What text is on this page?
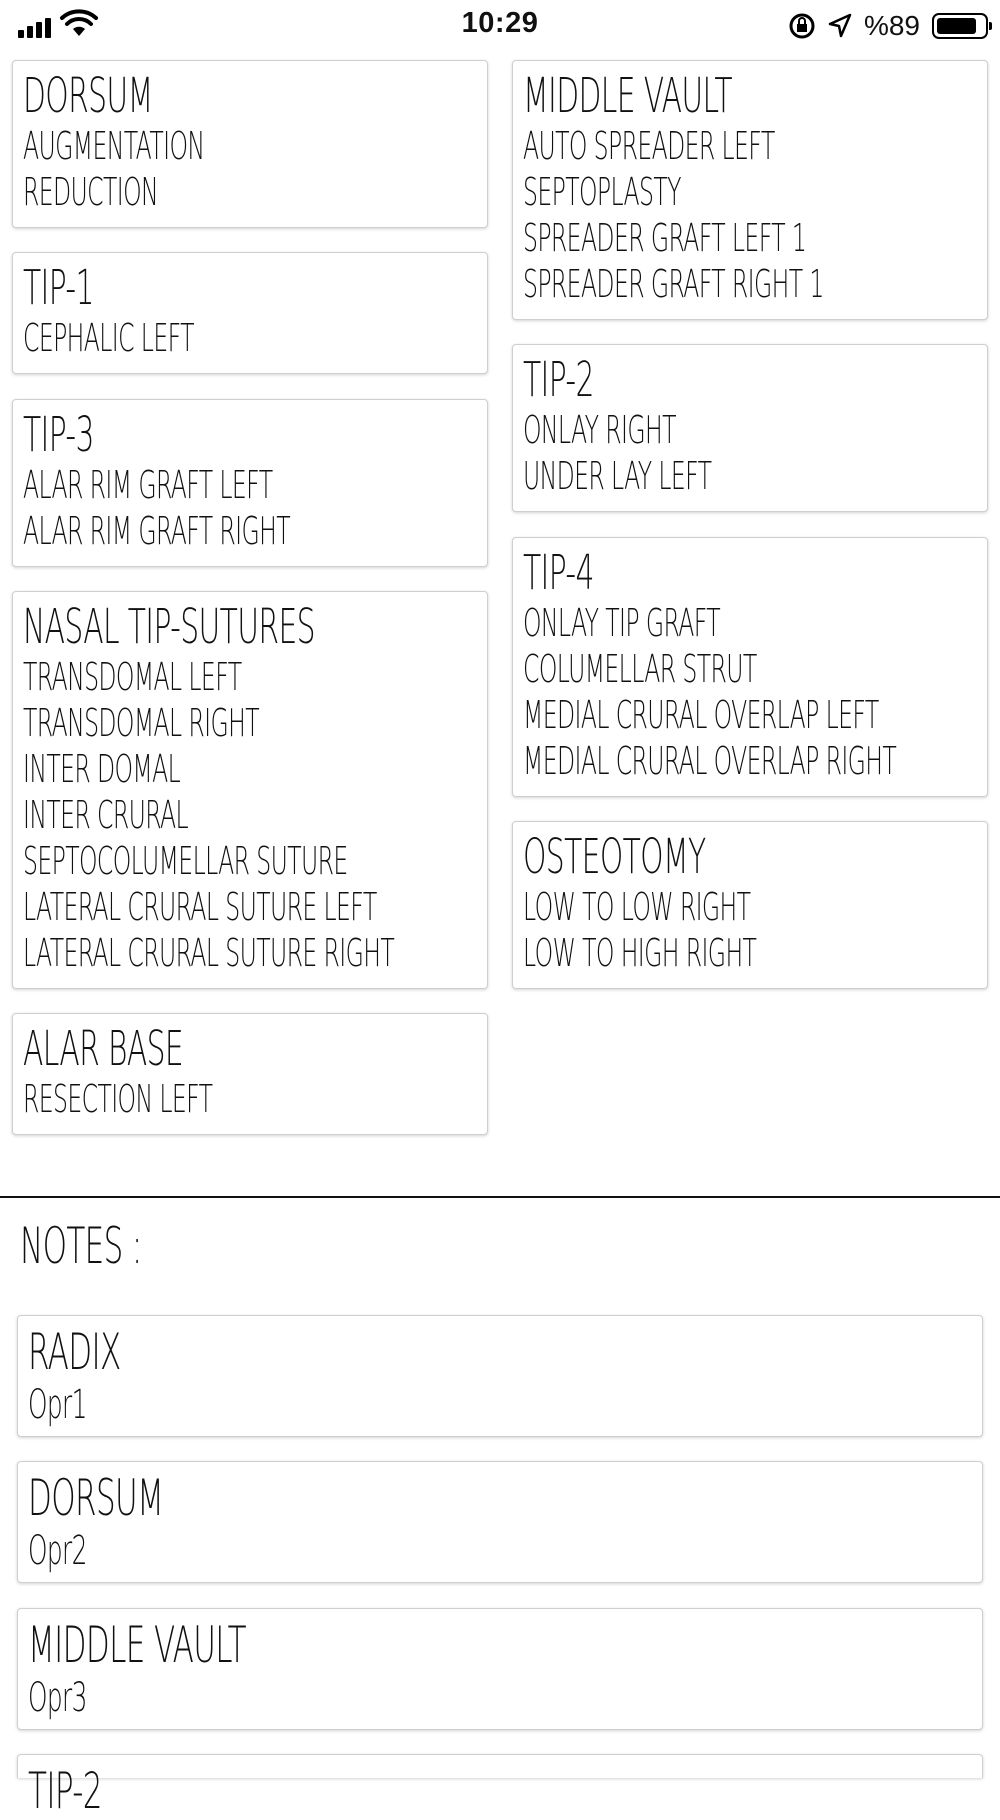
10:29	%89
DORSUM
AUGMENTATION
REDUCTION
TIP-1
CEPHALIC LEFT
TIP-3
ALAR RIM GRAFT LEFT
ALAR RIM GRAFT RIGHT
NASAL TIP-SUTURES
TRANSDOMAL LEFT
TRANSDOMAL RIGHT
INTER DOMAL
INTER CRURAL
SEPTOCOLUMELLAR SUTURE
LATERAL CRURAL SUTURE LEFT
LATERAL CRURAL SUTURE RIGHT
ALAR BASE
RESECTION LEFT
MIDDLE VAULT
AUTO SPREADER LEFT
SEPTOPLASTY
SPREADER GRAFT LEFT 1
SPREADER GRAFT RIGHT 1
TIP-2
ONLAY RIGHT
UNDER LAY LEFT
TIP-4
ONLAY TIP GRAFT
COLUMELLAR STRUT
MEDIAL CRURAL OVERLAP LEFT
MEDIAL CRURAL OVERLAP RIGHT
OSTEOTOMY
LOW TO LOW RIGHT
LOW TO HIGH RIGHT
NOTES :
RADIX
Opr1
DORSUM
Opr2
MIDDLE VAULT
Opr3
TIP-2
